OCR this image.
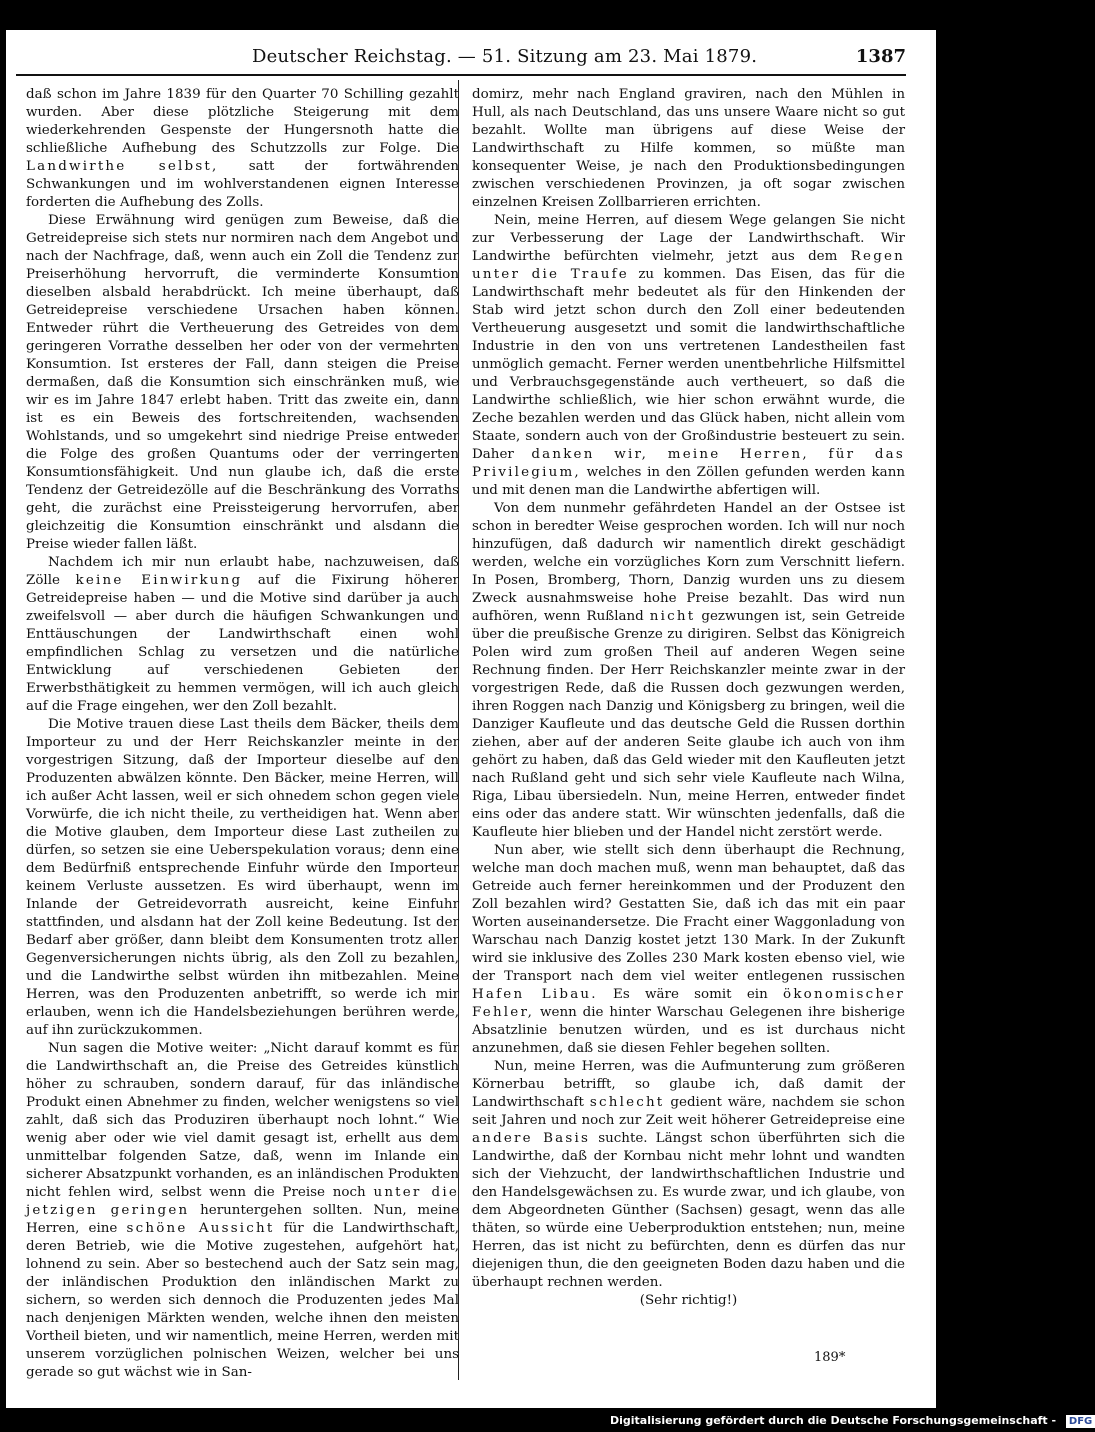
Deutscher Reichstag. — 51. Sitzung am 23. Mai 1879.	1387

daß schon im Jahre 1839 für den Quarter 70 Schilling gezahlt wurden. Aber diese plötzliche Steigerung mit dem wiederkehrenden Gespenste der Hungersnoth hatte die schließliche Aufhebung des Schutzzolls zur Folge. Die Landwirthe selbst, satt der fortwährenden Schwankungen und im wohlverstandenen eignen Interesse forderten die Aufhebung des Zolls.

Diese Erwähnung wird genügen zum Beweise, daß die Getreidepreise sich stets nur normiren nach dem Angebot und nach der Nachfrage, daß, wenn auch ein Zoll die Tendenz zur Preiserhöhung hervorruft, die verminderte Konsumtion dieselben alsbald herabdrückt. Ich meine überhaupt, daß Getreidepreise verschiedene Ursachen haben können. Entweder rührt die Vertheuerung des Getreides von dem geringeren Vorrathe desselben her oder von der vermehrten Konsumtion. Ist ersteres der Fall, dann steigen die Preise dermaßen, daß die Konsumtion sich einschränken muß, wie wir es im Jahre 1847 erlebt haben. Tritt das zweite ein, dann ist es ein Beweis des fortschreitenden, wachsenden Wohlstands, und so umgekehrt sind niedrige Preise entweder die Folge des großen Quantums oder der verringerten Konsumtionsfähigkeit. Und nun glaube ich, daß die erste Tendenz der Getreidezölle auf die Beschränkung des Vorraths geht, die zurächst eine Preissteigerung hervorrufen, aber gleichzeitig die Konsumtion einschränkt und alsdann die Preise wieder fallen läßt.

Nachdem ich mir nun erlaubt habe, nachzuweisen, daß Zölle keine Einwirkung auf die Fixirung höherer Getreidepreise haben — und die Motive sind darüber ja auch zweifelsvoll — aber durch die häufigen Schwankungen und Enttäuschungen der Landwirthschaft einen wohl empfindlichen Schlag zu versetzen und die natürliche Entwicklung auf verschiedenen Gebieten der Erwerbsthätigkeit zu hemmen vermögen, will ich auch gleich auf die Frage eingehen, wer den Zoll bezahlt.

Die Motive trauen diese Last theils dem Bäcker, theils dem Importeur zu und der Herr Reichskanzler meinte in der vorgestrigen Sitzung, daß der Importeur dieselbe auf den Produzenten abwälzen könnte. Den Bäcker, meine Herren, will ich außer Acht lassen, weil er sich ohnedem schon gegen viele Vorwürfe, die ich nicht theile, zu vertheidigen hat. Wenn aber die Motive glauben, dem Importeur diese Last zutheilen zu dürfen, so setzen sie eine Ueberspekulation voraus; denn eine dem Bedürfniß entsprechende Einfuhr würde den Importeur keinem Verluste aussetzen. Es wird überhaupt, wenn im Inlande der Getreidevorrath ausreicht, keine Einfuhr stattfinden, und alsdann hat der Zoll keine Bedeutung. Ist der Bedarf aber größer, dann bleibt dem Konsumenten trotz aller Gegenversicherungen nichts übrig, als den Zoll zu bezahlen, und die Landwirthe selbst würden ihn mitbezahlen. Meine Herren, was den Produzenten anbetrifft, so werde ich mir erlauben, wenn ich die Handelsbeziehungen berühren werde, auf ihn zurückzukommen.

Nun sagen die Motive weiter: „Nicht darauf kommt es für die Landwirthschaft an, die Preise des Getreides künstlich höher zu schrauben, sondern darauf, für das inländische Produkt einen Abnehmer zu finden, welcher wenigstens so viel zahlt, daß sich das Produziren überhaupt noch lohnt.“ Wie wenig aber oder wie viel damit gesagt ist, erhellt aus dem unmittelbar folgenden Satze, daß, wenn im Inlande ein sicherer Absatzpunkt vorhanden, es an inländischen Produkten nicht fehlen wird, selbst wenn die Preise noch unter die jetzigen geringen heruntergehen sollten. Nun, meine Herren, eine schöne Aussicht für die Landwirthschaft, deren Betrieb, wie die Motive zugestehen, aufgehört hat, lohnend zu sein. Aber so bestechend auch der Satz sein mag, der inländischen Produktion den inländischen Markt zu sichern, so werden sich dennoch die Produzenten jedes Mal nach denjenigen Märkten wenden, welche ihnen den meisten Vortheil bieten, und wir namentlich, meine Herren, werden mit unserem vorzüglichen polnischen Weizen, welcher bei uns gerade so gut wächst wie in San-

domirz, mehr nach England graviren, nach den Mühlen in Hull, als nach Deutschland, das uns unsere Waare nicht so gut bezahlt. Wollte man übrigens auf diese Weise der Landwirthschaft zu Hilfe kommen, so müßte man konsequenter Weise, je nach den Produktionsbedingungen zwischen verschiedenen Provinzen, ja oft sogar zwischen einzelnen Kreisen Zollbarrieren errichten.

Nein, meine Herren, auf diesem Wege gelangen Sie nicht zur Verbesserung der Lage der Landwirthschaft. Wir Landwirthe befürchten vielmehr, jetzt aus dem Regen unter die Traufe zu kommen. Das Eisen, das für die Landwirthschaft mehr bedeutet als für den Hinkenden der Stab wird jetzt schon durch den Zoll einer bedeutenden Vertheuerung ausgesetzt und somit die landwirthschaftliche Industrie in den von uns vertretenen Landestheilen fast unmöglich gemacht. Ferner werden unentbehrliche Hilfsmittel und Verbrauchsgegenstände auch vertheuert, so daß die Landwirthe schließlich, wie hier schon erwähnt wurde, die Zeche bezahlen werden und das Glück haben, nicht allein vom Staate, sondern auch von der Großindustrie besteuert zu sein. Daher danken wir, meine Herren, für das Privilegium, welches in den Zöllen gefunden werden kann und mit denen man die Landwirthe abfertigen will.

Von dem nunmehr gefährdeten Handel an der Ostsee ist schon in beredter Weise gesprochen worden. Ich will nur noch hinzufügen, daß dadurch wir namentlich direkt geschädigt werden, welche ein vorzügliches Korn zum Verschnitt liefern. In Posen, Bromberg, Thorn, Danzig wurden uns zu diesem Zweck ausnahmsweise hohe Preise bezahlt. Das wird nun aufhören, wenn Rußland nicht gezwungen ist, sein Getreide über die preußische Grenze zu dirigiren. Selbst das Königreich Polen wird zum großen Theil auf anderen Wegen seine Rechnung finden. Der Herr Reichskanzler meinte zwar in der vorgestrigen Rede, daß die Russen doch gezwungen werden, ihren Roggen nach Danzig und Königsberg zu bringen, weil die Danziger Kaufleute und das deutsche Geld die Russen dorthin ziehen, aber auf der anderen Seite glaube ich auch von ihm gehört zu haben, daß das Geld wieder mit den Kaufleuten jetzt nach Rußland geht und sich sehr viele Kaufleute nach Wilna, Riga, Libau übersiedeln. Nun, meine Herren, entweder findet eins oder das andere statt. Wir wünschten jedenfalls, daß die Kaufleute hier blieben und der Handel nicht zerstört werde.

Nun aber, wie stellt sich denn überhaupt die Rechnung, welche man doch machen muß, wenn man behauptet, daß das Getreide auch ferner hereinkommen und der Produzent den Zoll bezahlen wird? Gestatten Sie, daß ich das mit ein paar Worten auseinandersetze. Die Fracht einer Waggonladung von Warschau nach Danzig kostet jetzt 130 Mark. In der Zukunft wird sie inklusive des Zolles 230 Mark kosten ebenso viel, wie der Transport nach dem viel weiter entlegenen russischen Hafen Libau. Es wäre somit ein ökonomischer Fehler, wenn die hinter Warschau Gelegenen ihre bisherige Absatzlinie benutzen würden, und es ist durchaus nicht anzunehmen, daß sie diesen Fehler begehen sollten.

Nun, meine Herren, was die Aufmunterung zum größeren Körnerbau betrifft, so glaube ich, daß damit der Landwirthschaft schlecht gedient wäre, nachdem sie schon seit Jahren und noch zur Zeit weit höherer Getreidepreise eine andere Basis suchte. Längst schon überführten sich die Landwirthe, daß der Kornbau nicht mehr lohnt und wandten sich der Viehzucht, der landwirthschaftlichen Industrie und den Handelsgewächsen zu. Es wurde zwar, und ich glaube, von dem Abgeordneten Günther (Sachsen) gesagt, wenn das alle thäten, so würde eine Ueberproduktion entstehen; nun, meine Herren, das ist nicht zu befürchten, denn es dürfen das nur diejenigen thun, die den geeigneten Boden dazu haben und die überhaupt rechnen werden.

(Sehr richtig!)

189*
Digitalisierung gefördert durch die Deutsche Forschungsgemeinschaft - DFG
